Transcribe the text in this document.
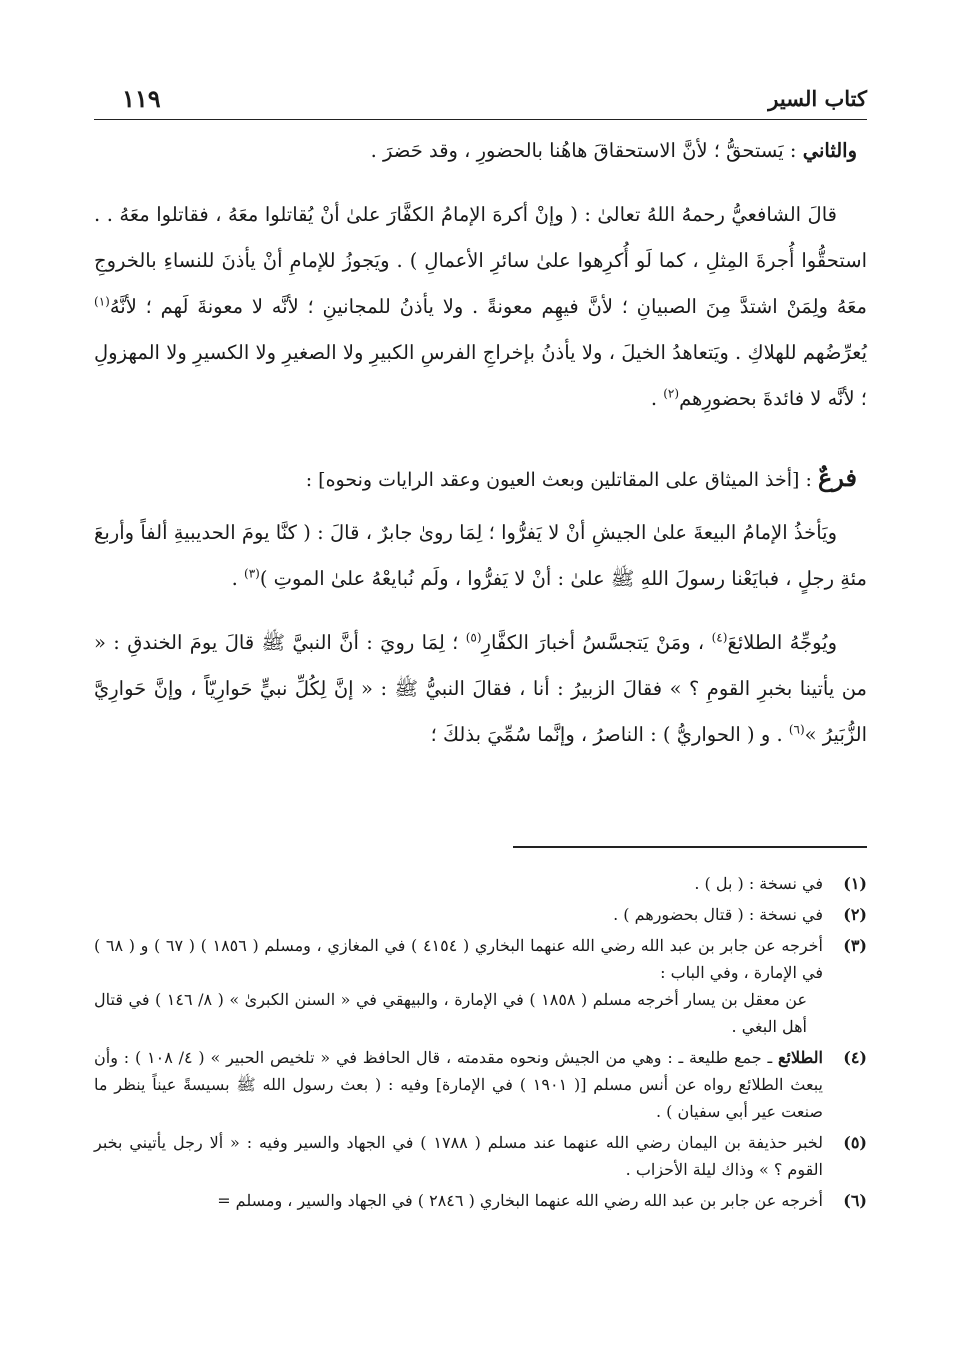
كتاب السير
١١٩

والثاني : يَستحقُّ ؛ لأنَّ الاستحقاقَ هاهُنا بالحضورِ ، وقد حَضرَ .

قالَ الشافعيُّ رحمهُ اللهُ تعالىٰ : ( وإنْ أكرهَ الإمامُ الكفَّارَ علىٰ أنْ يُقاتلوا معَهُ ، فقاتلوا معَهُ . . استحقُّوا أُجرةَ المِثلِ ، كما لَو أُكرِهوا علىٰ سائرِ الأعمالِ ) . ويَجوزُ للإمامِ أنْ يأذنَ للنساءِ بالخروجِ معَهُ ولِمَنْ اشتدَّ مِنَ الصبيانِ ؛ لأنَّ فيهِم معونةً . ولا يأذنُ للمجانينِ ؛ لأنَّه لا معونةَ لَهم ؛ لأنَّهُ$^{(١)}$ يُعرِّضُهم للهلاكِ . ويَتعاهدُ الخيلَ ، ولا يأذنُ بإخراجِ الفرسِ الكبيرِ ولا الصغيرِ ولا الكسيرِ ولا المهزولِ ؛ لأنَّه لا فائدةَ بحضورِهم$^{(٢)}$ .

فرعٌ : [أخذ الميثاق على المقاتلين وبعث العيون وعقد الرايات ونحوه] :

ويَأخذُ الإمامُ البيعةَ علىٰ الجيشِ أنْ لا يَفرُّوا ؛ لِمَا روىٰ جابرٌ ، قالَ : ( كنَّا يومَ الحديبيةِ ألفاً وأربعَ مئةِ رجلٍ ، فبايَعْنا رسولَ اللهِ ﷺ علىٰ : أنْ لا يَفرُّوا ، ولَم نُبايعْهُ علىٰ الموتِ )$^{(٣)}$ .

ويُوجِّهُ الطلائعَ$^{(٤)}$ ، ومَنْ يَتجسَّسُ أخبارَ الكفَّارِ$^{(٥)}$ ؛ لِمَا رويَ : أنَّ النبيَّ ﷺ قالَ يومَ الخندقِ : « من يأتينا بخبرِ القومِ ؟ » فقالَ الزبيرُ : أنا ، فقالَ النبيُّ ﷺ : « إنَّ لِكُلِّ نبيٍّ حَوارِيّاً ، وإنَّ حَوارِيَّ الزُّبَيرُ »$^{(٦)}$ . و ( الحواريُّ ) : الناصرُ ، وإنَّما سُمِّيَ بذلكَ ؛

(١)

في نسخة : ( بل ) .

(٢)

في نسخة : ( قتال بحضورهم ) .

(٣)

أخرجه عن جابر بن عبد الله رضي الله عنهما البخاري ( ٤١٥٤ ) في المغازي ، ومسلم ( ١٨٥٦ ) ( ٦٧ ) و ( ٦٨ ) في الإمارة ، وفي الباب :

عن معقل بن يسار أخرجه مسلم ( ١٨٥٨ ) في الإمارة ، والبيهقي في « السنن الكبرىٰ » ( ٨/ ١٤٦ ) في قتال أهل البغي .

(٤)

الطلائع ـ جمع طليعة ـ : وهي من الجيش ونحوه مقدمته ، قال الحافظ في « تلخيص الحبير » ( ٤/ ١٠٨ ) : وأن يبعث الطلائع رواه عن أنس مسلم [( ١٩٠١ ) في الإمارة] وفيه : ( بعث رسول الله ﷺ بسيسةً عيناً ينظر ما صنعت عير أبي سفيان ) .

(٥)

لخبر حذيفة بن اليمان رضي الله عنهما عند مسلم ( ١٧٨٨ ) في الجهاد والسير وفيه : « ألا رجل يأتيني بخبر القوم ؟ » وذاك ليلة الأحزاب .

(٦)

أخرجه عن جابر بن عبد الله رضي الله عنهما البخاري ( ٢٨٤٦ ) في الجهاد والسير ، ومسلم =
